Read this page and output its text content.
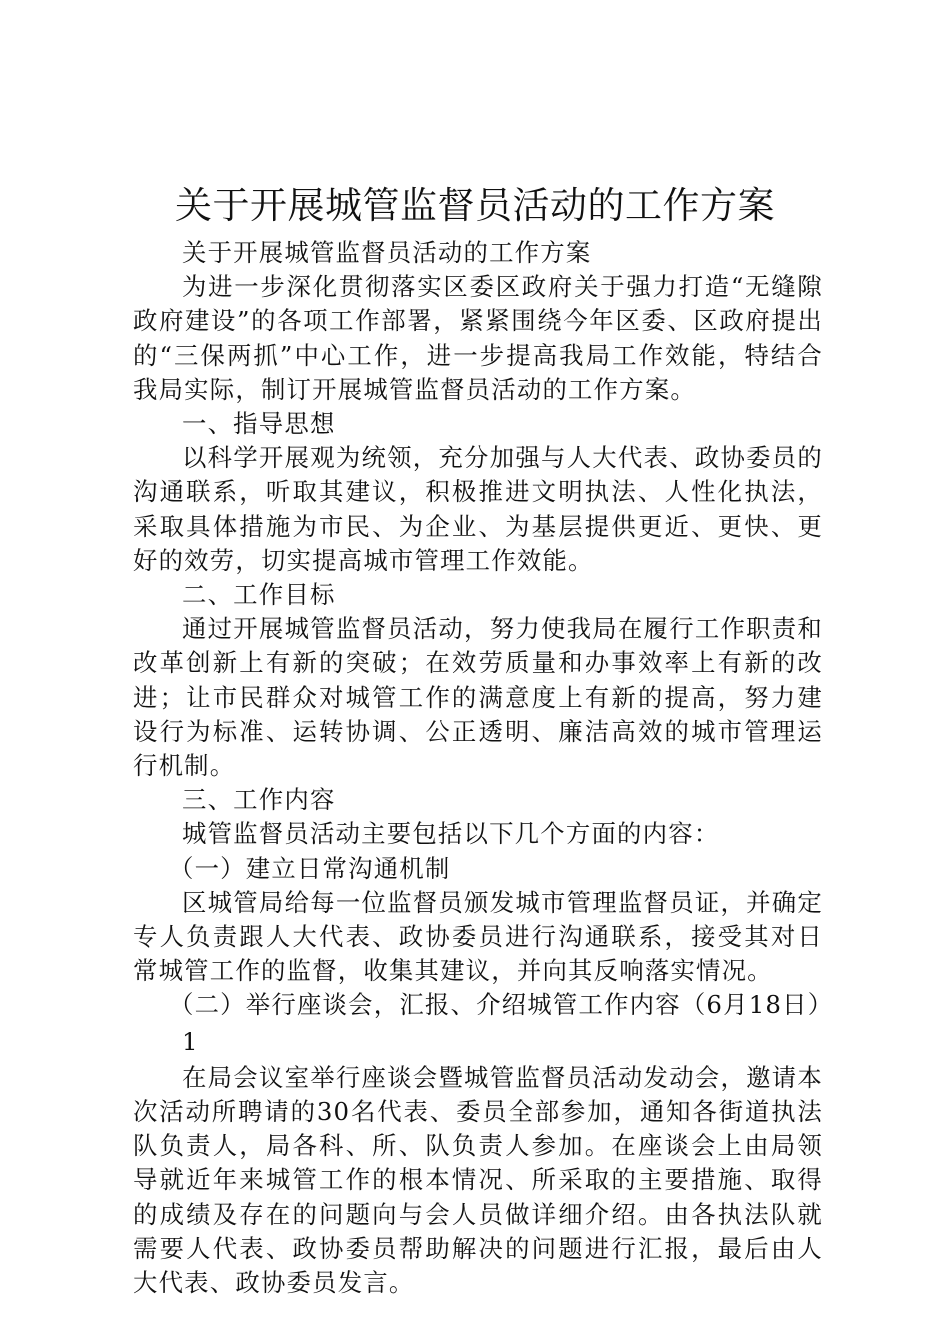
关于开展城管监督员活动的工作方案

关于开展城管监督员活动的工作方案

为进一步深化贯彻落实区委区政府关于强力打造“无缝隙政府建设”的各项工作部署，紧紧围绕今年区委、区政府提出的“三保两抓”中心工作，进一步提高我局工作效能，特结合我局实际，制订开展城管监督员活动的工作方案。

一、指导思想

以科学开展观为统领，充分加强与人大代表、政协委员的沟通联系，听取其建议，积极推进文明执法、人性化执法，采取具体措施为市民、为企业、为基层提供更近、更快、更好的效劳，切实提高城市管理工作效能。

二、工作目标

通过开展城管监督员活动，努力使我局在履行工作职责和改革创新上有新的突破；在效劳质量和办事效率上有新的改进；让市民群众对城管工作的满意度上有新的提高，努力建设行为标准、运转协调、公正透明、廉洁高效的城市管理运行机制。

三、工作内容

城管监督员活动主要包括以下几个方面的内容：

（一）建立日常沟通机制

区城管局给每一位监督员颁发城市管理监督员证，并确定专人负责跟人大代表、政协委员进行沟通联系，接受其对日常城管工作的监督，收集其建议，并向其反响落实情况。

（二）举行座谈会，汇报、介绍城管工作内容（6月18日）

1

在局会议室举行座谈会暨城管监督员活动发动会，邀请本次活动所聘请的30名代表、委员全部参加，通知各街道执法队负责人，局各科、所、队负责人参加。在座谈会上由局领导就近年来城管工作的根本情况、所采取的主要措施、取得的成绩及存在的问题向与会人员做详细介绍。由各执法队就需要人代表、政协委员帮助解决的问题进行汇报，最后由人大代表、政协委员发言。
